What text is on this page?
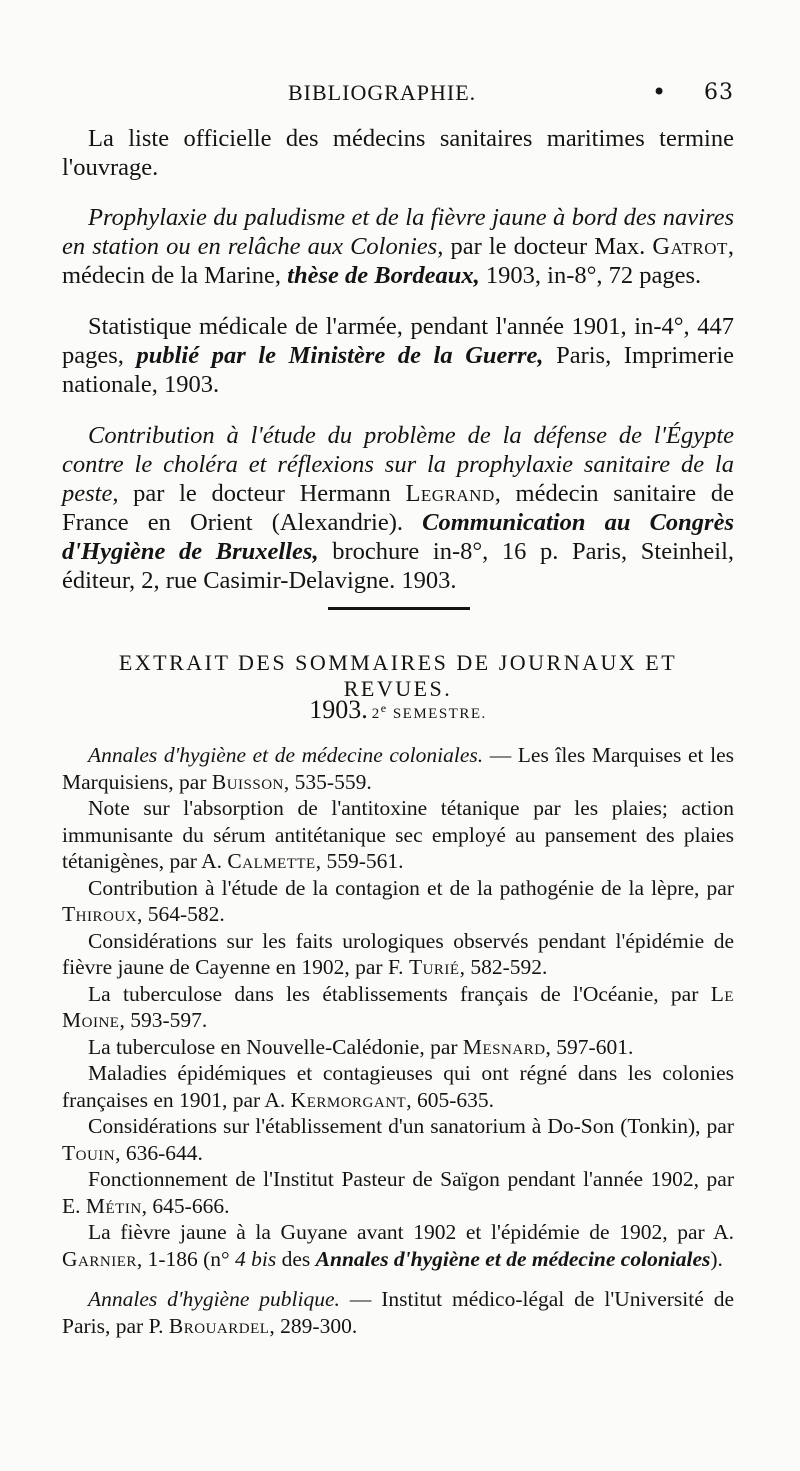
BIBLIOGRAPHIE.	• 63

La liste officielle des médecins sanitaires maritimes termine l'ouvrage.

Prophylaxie du paludisme et de la fièvre jaune à bord des navires en station ou en relâche aux Colonies, par le docteur Max. Gatrot, médecin de la Marine, thèse de Bordeaux, 1903, in-8°, 72 pages.

Statistique médicale de l'armée, pendant l'année 1901, in-4°, 447 pages, publié par le Ministère de la Guerre, Paris, Imprimerie nationale, 1903.

Contribution à l'étude du problème de la défense de l'Égypte contre le choléra et réflexions sur la prophylaxie sanitaire de la peste, par le docteur Hermann Legrand, médecin sanitaire de France en Orient (Alexandrie). Communication au Congrès d'Hygiène de Bruxelles, brochure in-8°, 16 p. Paris, Steinheil, éditeur, 2, rue Casimir-Delavigne. 1903.

EXTRAIT DES SOMMAIRES DE JOURNAUX ET REVUES.
1903. 2e SEMESTRE.

Annales d'hygiène et de médecine coloniales. — Les îles Marquises et les Marquisiens, par Buisson, 535-559.

Note sur l'absorption de l'antitoxine tétanique par les plaies; action immunisante du sérum antitétanique sec employé au pansement des plaies tétanigènes, par A. Calmette, 559-561.

Contribution à l'étude de la contagion et de la pathogénie de la lèpre, par Thiroux, 564-582.

Considérations sur les faits urologiques observés pendant l'épidémie de fièvre jaune de Cayenne en 1902, par F. Turié, 582-592.

La tuberculose dans les établissements français de l'Océanie, par Le Moine, 593-597.

La tuberculose en Nouvelle-Calédonie, par Mesnard, 597-601.

Maladies épidémiques et contagieuses qui ont régné dans les colonies françaises en 1901, par A. Kermorgant, 605-635.

Considérations sur l'établissement d'un sanatorium à Do-Son (Tonkin), par Touin, 636-644.

Fonctionnement de l'Institut Pasteur de Saïgon pendant l'année 1902, par E. Métin, 645-666.

La fièvre jaune à la Guyane avant 1902 et l'épidémie de 1902, par A. Garnier, 1-186 (n° 4 bis des Annales d'hygiène et de médecine coloniales).

Annales d'hygiène publique. — Institut médico-légal de l'Université de Paris, par P. Brouardel, 289-300.
